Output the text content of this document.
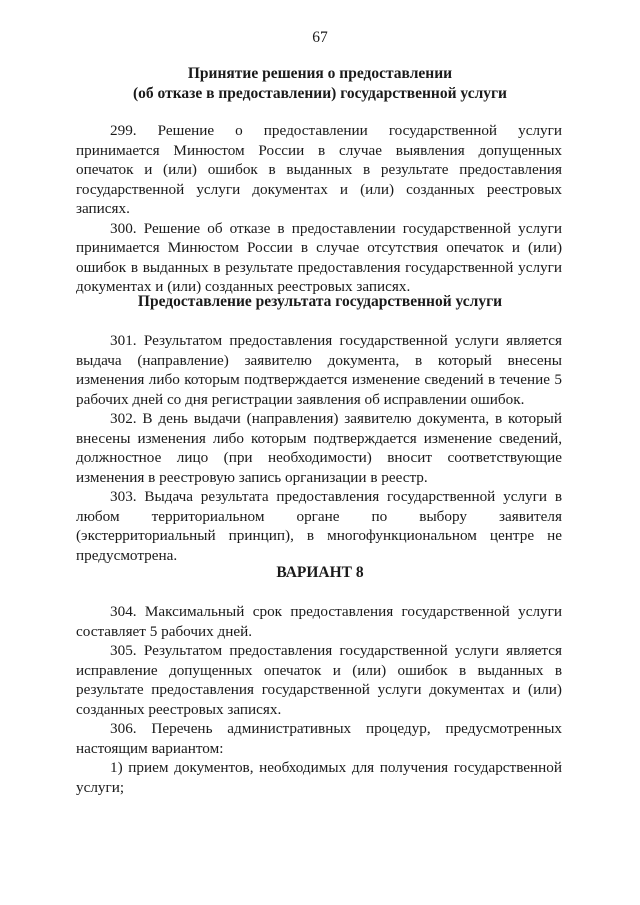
67
Принятие решения о предоставлении
(об отказе в предоставлении) государственной услуги

299. Решение о предоставлении государственной услуги принимается Минюстом России в случае выявления допущенных опечаток и (или) ошибок в выданных в результате предоставления государственной услуги документах и (или) созданных реестровых записях.

300. Решение об отказе в предоставлении государственной услуги принимается Минюстом России в случае отсутствия опечаток и (или) ошибок в выданных в результате предоставления государственной услуги документах и (или) созданных реестровых записях.

Предоставление результата государственной услуги

301. Результатом предоставления государственной услуги является выдача (направление) заявителю документа, в который внесены изменения либо которым подтверждается изменение сведений в течение 5 рабочих дней со дня регистрации заявления об исправлении ошибок.

302. В день выдачи (направления) заявителю документа, в который внесены изменения либо которым подтверждается изменение сведений, должностное лицо (при необходимости) вносит соответствующие изменения в реестровую запись организации в реестр.

303. Выдача результата предоставления государственной услуги в любом территориальном органе по выбору заявителя (экстерриториальный принцип), в многофункциональном центре не предусмотрена.

ВАРИАНТ 8

304. Максимальный срок предоставления государственной услуги составляет 5 рабочих дней.

305. Результатом предоставления государственной услуги является исправление допущенных опечаток и (или) ошибок в выданных в результате предоставления государственной услуги документах и (или) созданных реестровых записях.

306. Перечень административных процедур, предусмотренных настоящим вариантом:

1) прием документов, необходимых для получения государственной услуги;
